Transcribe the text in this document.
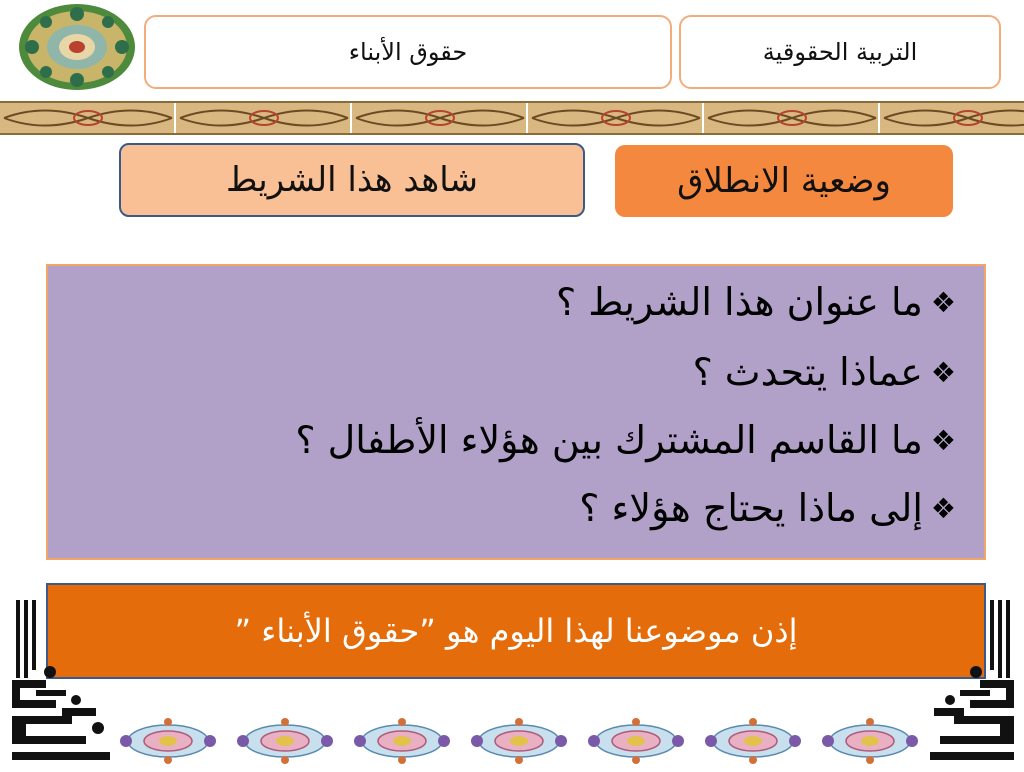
حقوق الأبناء	التربية الحقوقية
شاهد هذا الشريط	وضعية الانطلاق
❖
ما عنوان هذا الشريط ؟
❖
عماذا يتحدث ؟
❖
ما القاسم المشترك بين هؤلاء الأطفال ؟
❖
إلى ماذا يحتاج هؤلاء ؟
إذن موضوعنا لهذا اليوم هو ”حقوق الأبناء ”
